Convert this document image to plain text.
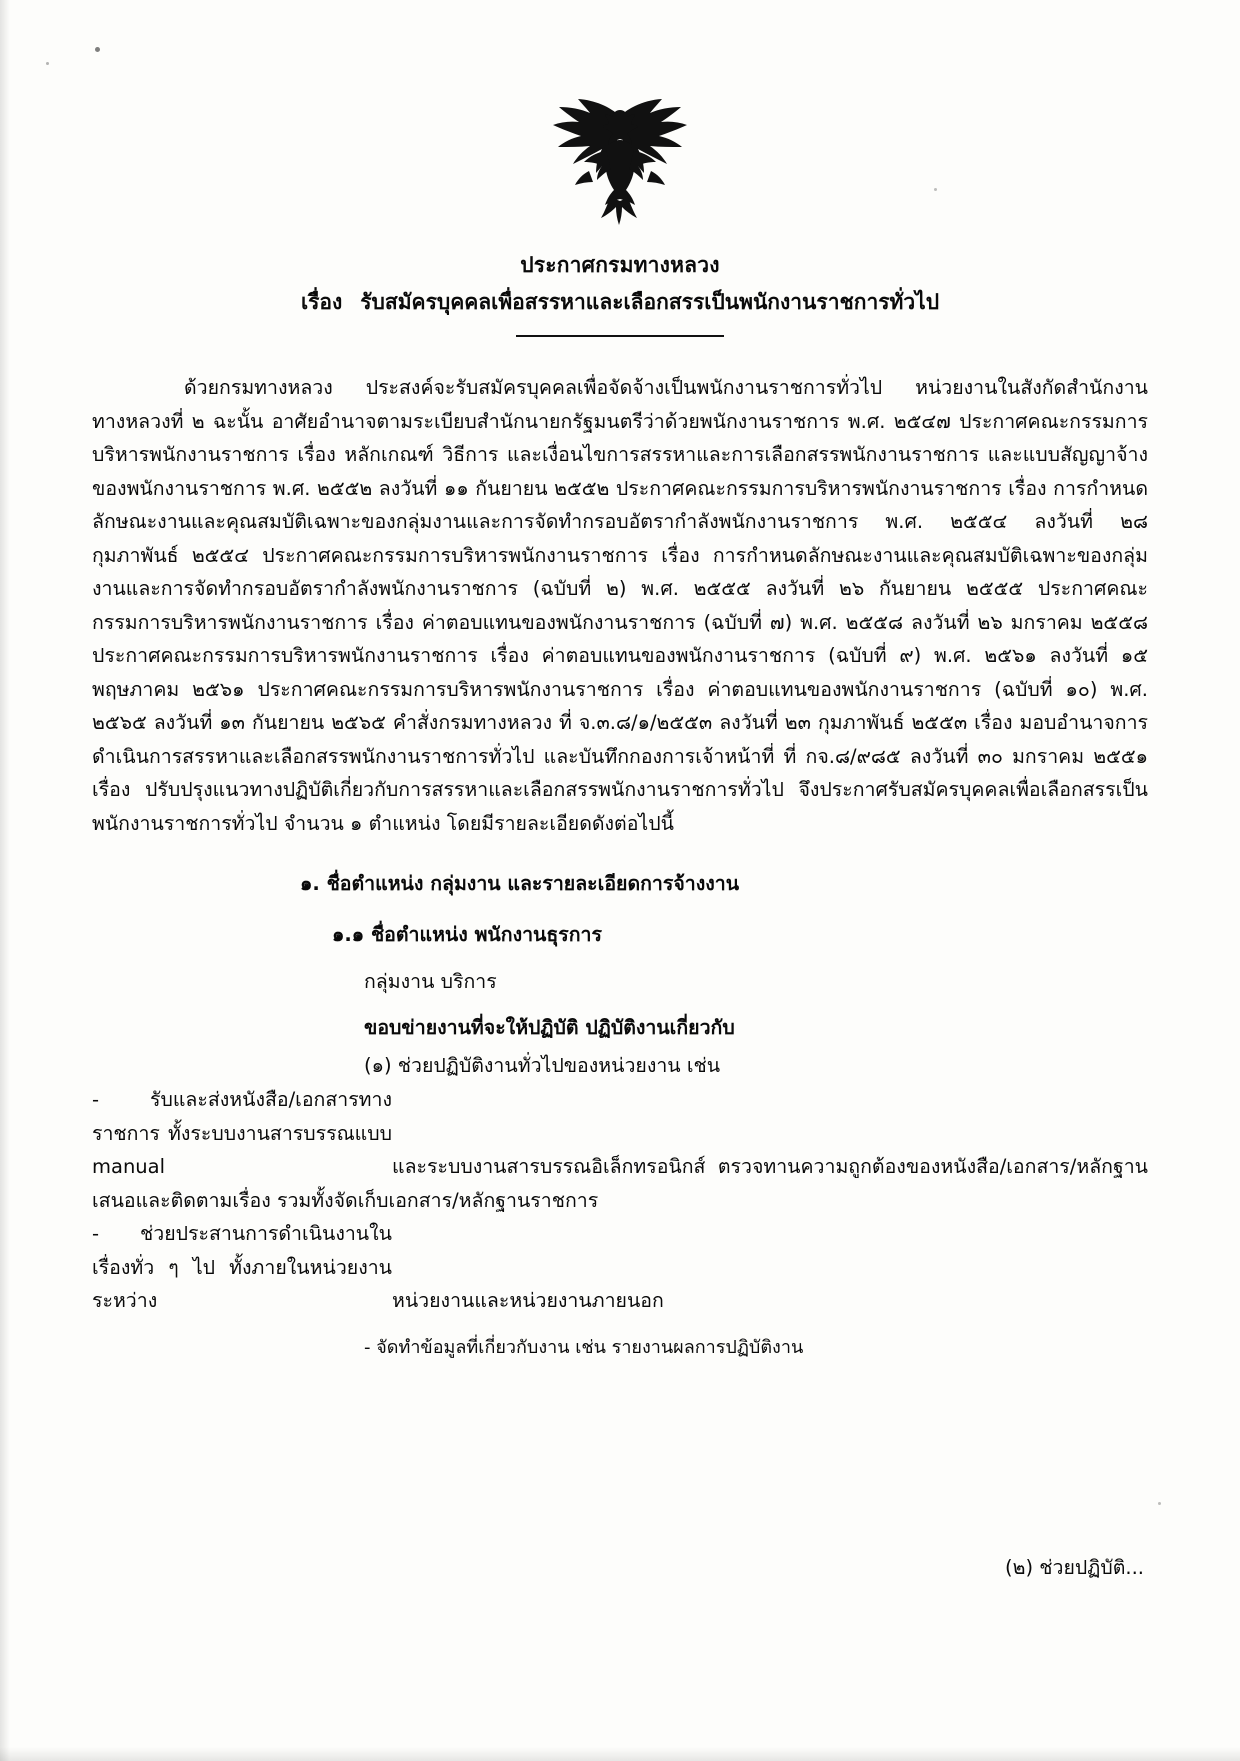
ประกาศกรมทางหลวง
เรื่อง รับสมัครบุคคลเพื่อสรรหาและเลือกสรรเป็นพนักงานราชการทั่วไป

ด้วยกรมทางหลวง ประสงค์จะรับสมัครบุคคลเพื่อจัดจ้างเป็นพนักงานราชการทั่วไป หน่วยงานในสังกัดสำนักงานทางหลวงที่ ๒ ฉะนั้น อาศัยอำนาจตามระเบียบสำนักนายกรัฐมนตรีว่าด้วยพนักงานราชการ พ.ศ. ๒๕๔๗ ประกาศคณะกรรมการบริหารพนักงานราชการ เรื่อง หลักเกณฑ์ วิธีการ และเงื่อนไขการสรรหาและการเลือกสรรพนักงานราชการ และแบบสัญญาจ้างของพนักงานราชการ พ.ศ. ๒๕๕๒ ลงวันที่ ๑๑ กันยายน ๒๕๕๒ ประกาศคณะกรรมการบริหารพนักงานราชการ เรื่อง การกำหนดลักษณะงานและคุณสมบัติเฉพาะของกลุ่มงานและการจัดทำกรอบอัตรากำลังพนักงานราชการ พ.ศ. ๒๕๕๔ ลงวันที่ ๒๘ กุมภาพันธ์ ๒๕๕๔ ประกาศคณะกรรมการบริหารพนักงานราชการ เรื่อง การกำหนดลักษณะงานและคุณสมบัติเฉพาะของกลุ่มงานและการจัดทำกรอบอัตรากำลังพนักงานราชการ (ฉบับที่ ๒) พ.ศ. ๒๕๕๕ ลงวันที่ ๒๖ กันยายน ๒๕๕๕ ประกาศคณะกรรมการบริหารพนักงานราชการ เรื่อง ค่าตอบแทนของพนักงานราชการ (ฉบับที่ ๗) พ.ศ. ๒๕๕๘ ลงวันที่ ๒๖ มกราคม ๒๕๕๘ ประกาศคณะกรรมการบริหารพนักงานราชการ เรื่อง ค่าตอบแทนของพนักงานราชการ (ฉบับที่ ๙) พ.ศ. ๒๕๖๑ ลงวันที่ ๑๕ พฤษภาคม ๒๕๖๑ ประกาศคณะกรรมการบริหารพนักงานราชการ เรื่อง ค่าตอบแทนของพนักงานราชการ (ฉบับที่ ๑๐) พ.ศ. ๒๕๖๕ ลงวันที่ ๑๓ กันยายน ๒๕๖๕ คำสั่งกรมทางหลวง ที่ จ.๓.๘/๑/๒๕๕๓ ลงวันที่ ๒๓ กุมภาพันธ์ ๒๕๕๓ เรื่อง มอบอำนาจการดำเนินการสรรหาและเลือกสรรพนักงานราชการทั่วไป และบันทึกกองการเจ้าหน้าที่ ที่ กจ.๘/๙๘๕ ลงวันที่ ๓๐ มกราคม ๒๕๕๑ เรื่อง ปรับปรุงแนวทางปฏิบัติเกี่ยวกับการสรรหาและเลือกสรรพนักงานราชการทั่วไป จึงประกาศรับสมัครบุคคลเพื่อเลือกสรรเป็นพนักงานราชการทั่วไป จำนวน ๑ ตำแหน่ง โดยมีรายละเอียดดังต่อไปนี้

๑. ชื่อตำแหน่ง กลุ่มงาน และรายละเอียดการจ้างงาน
๑.๑ ชื่อตำแหน่ง พนักงานธุรการ
กลุ่มงาน บริการ
ขอบข่ายงานที่จะให้ปฏิบัติ ปฏิบัติงานเกี่ยวกับ
(๑) ช่วยปฏิบัติงานทั่วไปของหน่วยงาน เช่น

- รับและส่งหนังสือ/เอกสารทางราชการ ทั้งระบบงานสารบรรณแบบ manual	และระบบงานสารบรรณอิเล็กทรอนิกส์ ตรวจทานความถูกต้องของหนังสือ/เอกสาร/หลักฐาน เสนอและติดตามเรื่อง รวมทั้งจัดเก็บเอกสาร/หลักฐานราชการ

- ช่วยประสานการดำเนินงานในเรื่องทั่ว ๆ ไป ทั้งภายในหน่วยงาน ระหว่าง	หน่วยงานและหน่วยงานภายนอก

- จัดทำข้อมูลที่เกี่ยวกับงาน เช่น รายงานผลการปฏิบัติงาน
(๒) ช่วยปฏิบัติ...
